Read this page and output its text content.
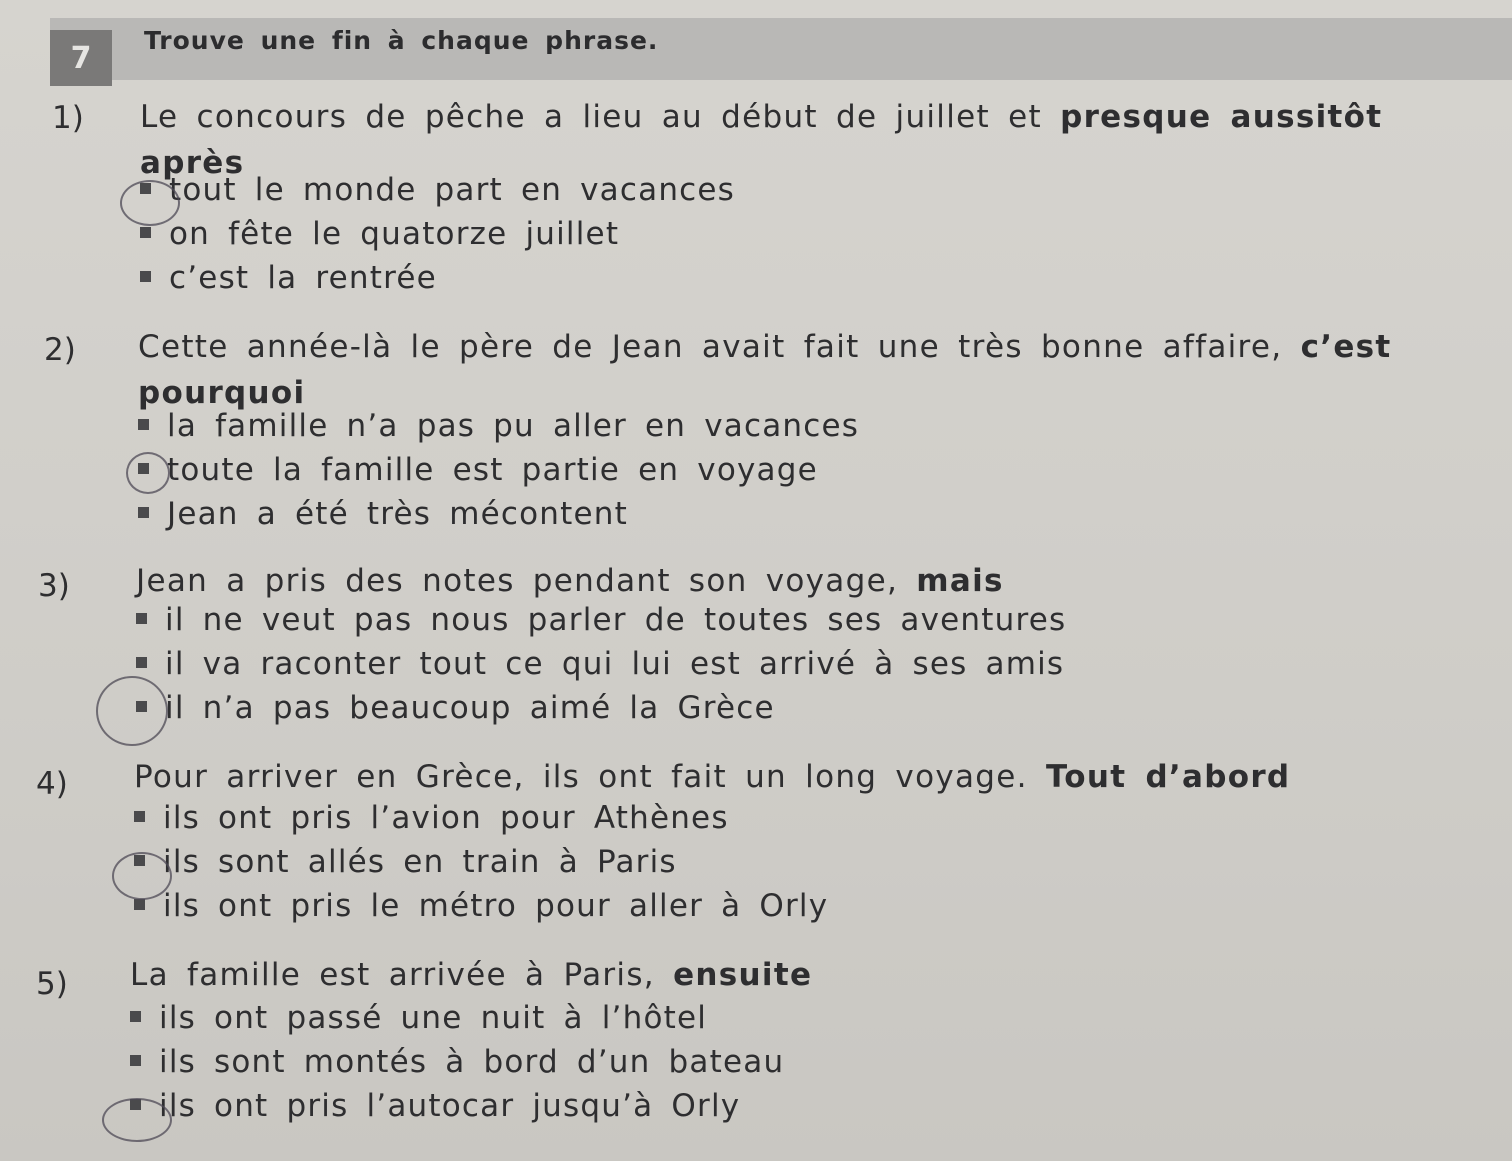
7	Trouve une fin à chaque phrase.
1) Le concours de pêche a lieu au début de juillet et presque aussitôt après
tout le monde part en vacances
on fête le quatorze juillet
c’est la rentrée
2) Cette année-là le père de Jean avait fait une très bonne affaire, c’est pourquoi
la famille n’a pas pu aller en vacances
toute la famille est partie en voyage
Jean a été très mécontent
3) Jean a pris des notes pendant son voyage, mais
il ne veut pas nous parler de toutes ses aventures
il va raconter tout ce qui lui est arrivé à ses amis
il n’a pas beaucoup aimé la Grèce
4) Pour arriver en Grèce, ils ont fait un long voyage. Tout d’abord
ils ont pris l’avion pour Athènes
ils sont allés en train à Paris
ils ont pris le métro pour aller à Orly
5) La famille est arrivée à Paris, ensuite
ils ont passé une nuit à l’hôtel
ils sont montés à bord d’un bateau
ils ont pris l’autocar jusqu’à Orly
